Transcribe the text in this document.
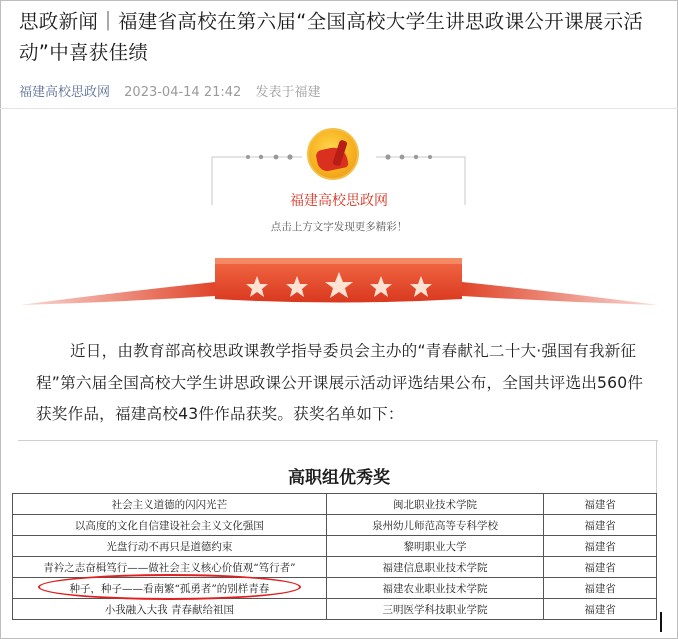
思政新闻｜福建省高校在第六届“全国高校大学生讲思政课公开课展示活动”中喜获佳绩
福建高校思政网 2023-04-14 21:42 发表于福建
福建高校思政网
点击上方文字发现更多精彩！
近日，由教育部高校思政课教学指导委员会主办的“青春献礼二十大·强国有我新征程”第六届全国高校大学生讲思政课公开课展示活动评选结果公布，全国共评选出560件获奖作品，福建高校43件作品获奖。获奖名单如下：
高职组优秀奖
社会主义道德的闪闪光芒	闽北职业技术学院	福建省
以高度的文化自信建设社会主义文化强国	泉州幼儿师范高等专科学校	福建省
光盘行动不再只是道德约束	黎明职业大学	福建省
青衿之志奋楫笃行——做社会主义核心价值观“笃行者”	福建信息职业技术学院	福建省
种子，种子——看南繁“孤勇者”的别样青春	福建农业职业技术学院	福建省
小我融入大我 青春献给祖国	三明医学科技职业学院	福建省
